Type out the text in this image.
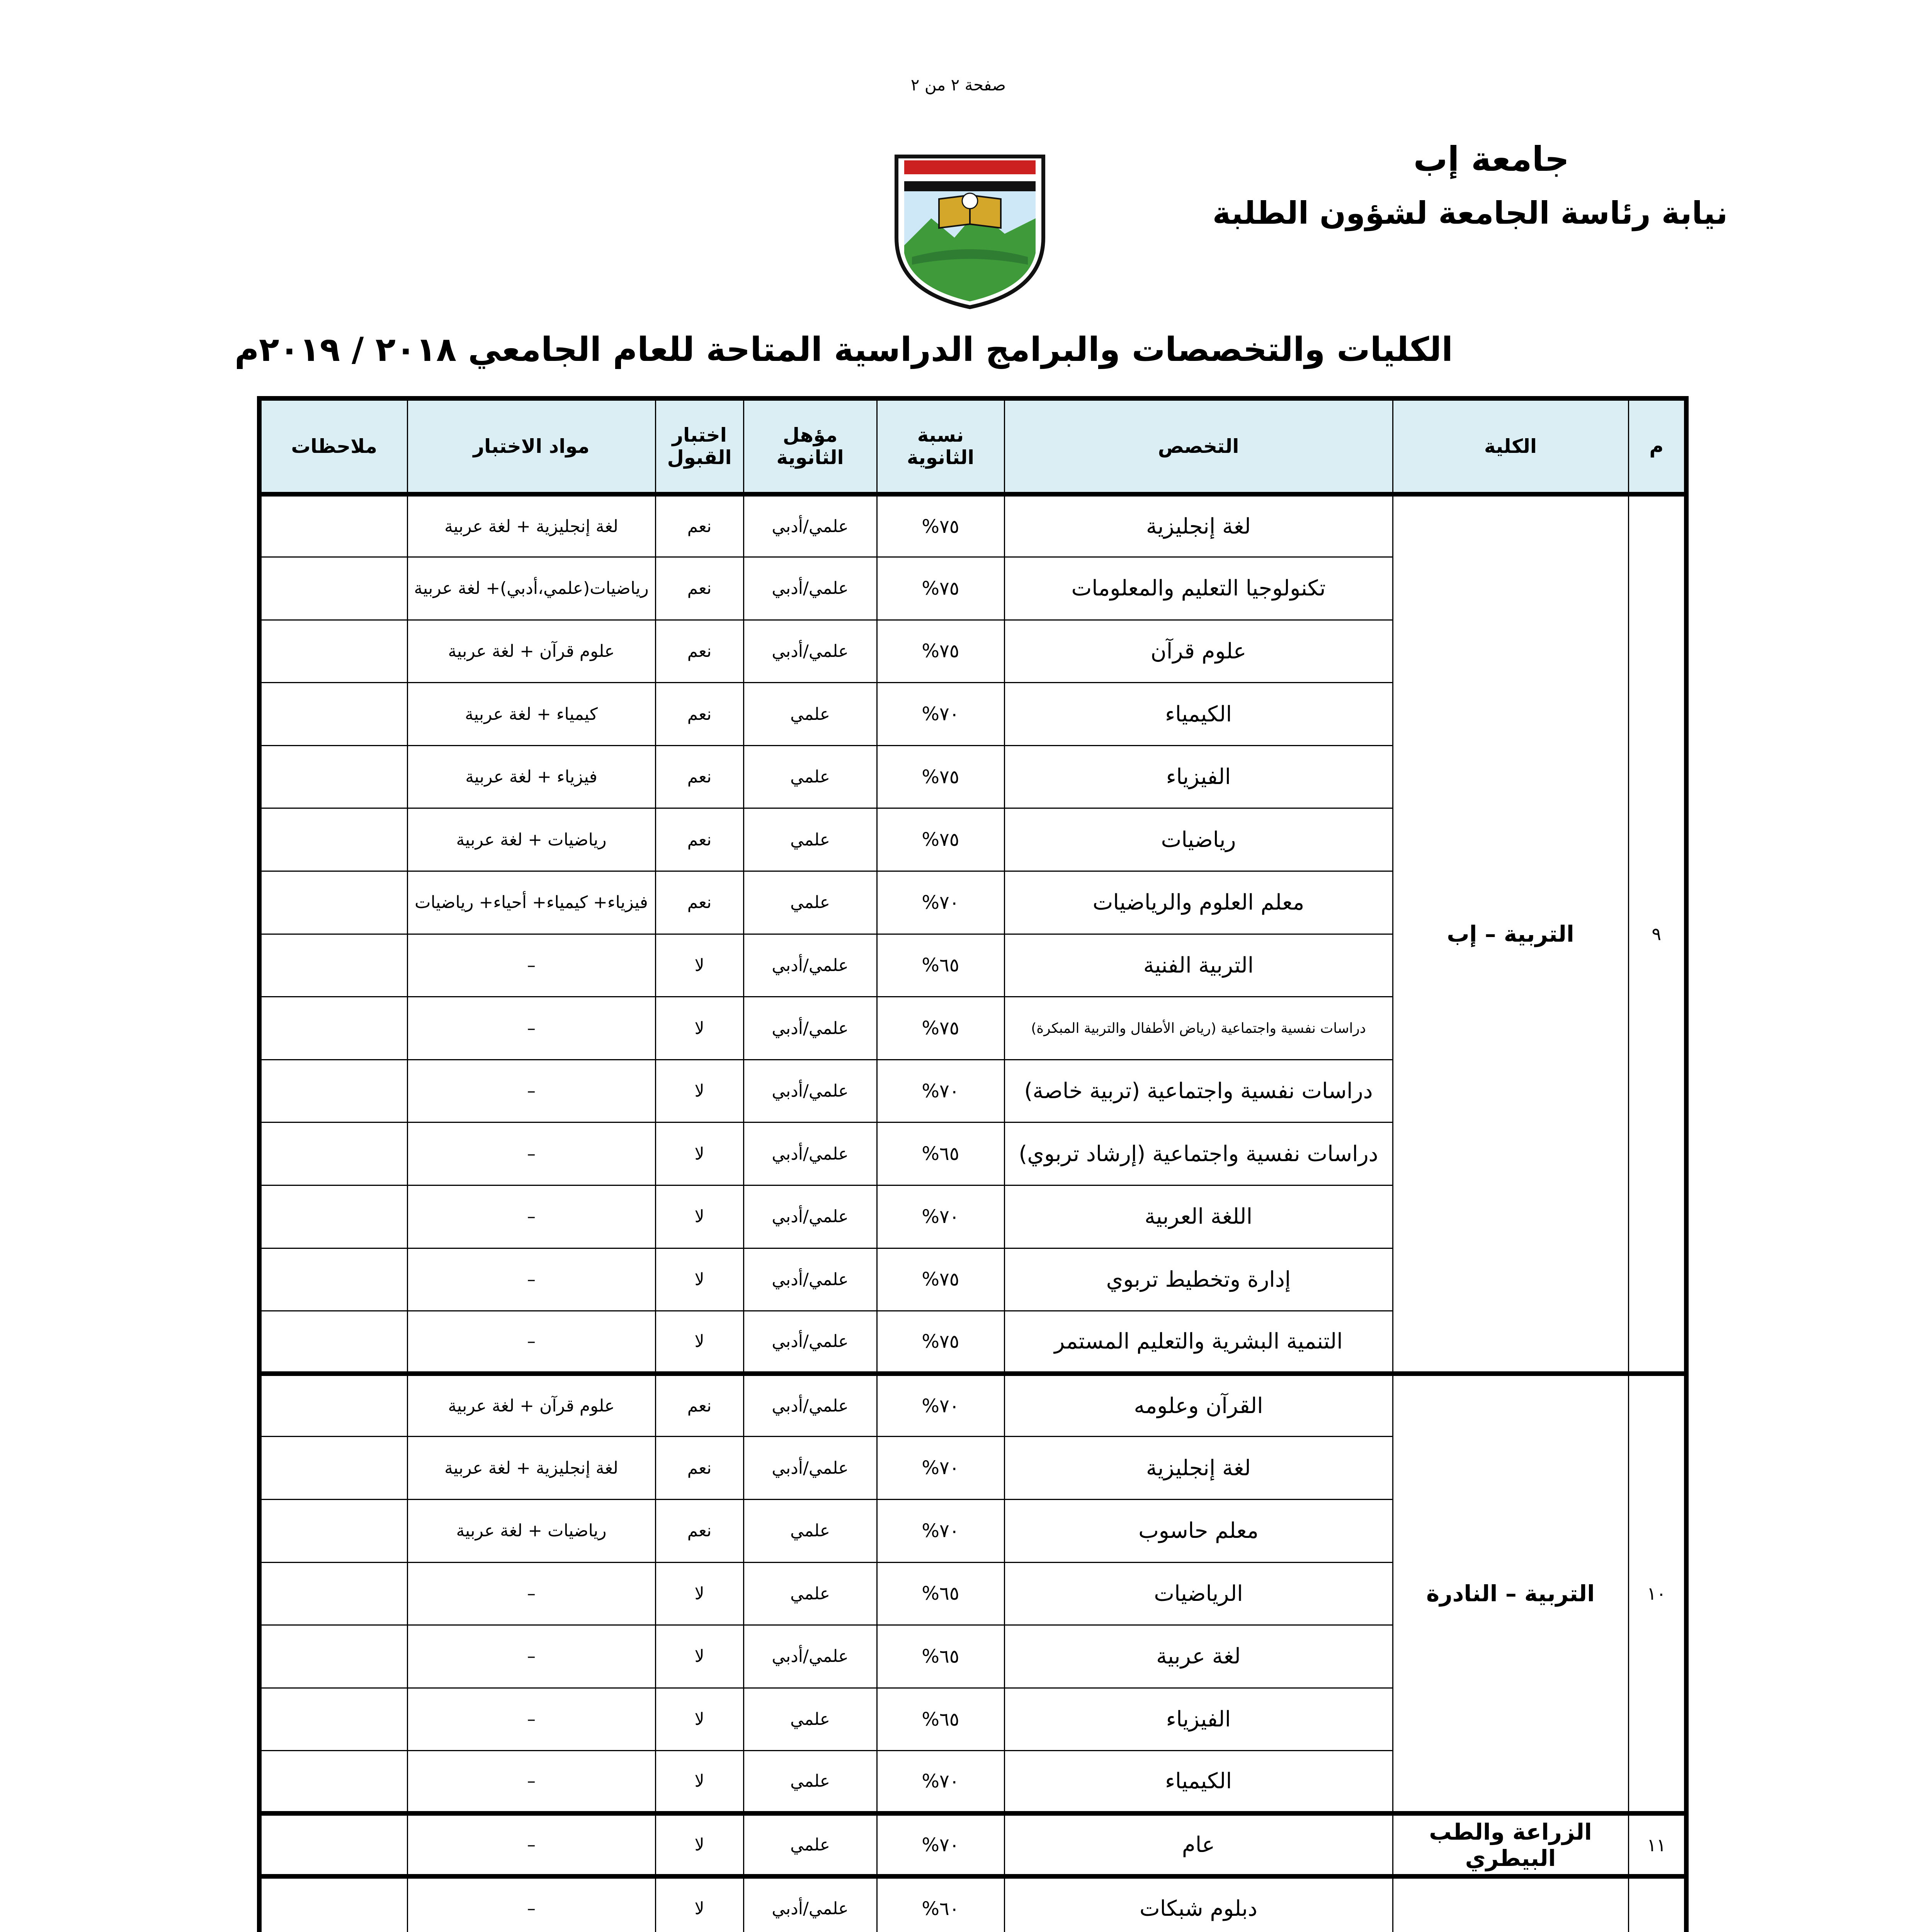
صفحة ٢ من ٢
جامعة إب
نيابة رئاسة الجامعة لشؤون الطلبة
الكليات والتخصصات والبرامج الدراسية المتاحة للعام الجامعي ٢٠١٨ / ٢٠١٩م
م	الكلية	التخصص	نسبة الثانوية	مؤهل الثانوية	اختبار القبول	مواد الاختبار	ملاحظات
٩	التربية – إب	لغة إنجليزية	٧٥%	علمي/أدبي	نعم	لغة إنجليزية + لغة عربية	
		تكنولوجيا التعليم والمعلومات	٧٥%	علمي/أدبي	نعم	رياضيات(علمي،أدبي)+ لغة عربية	
		علوم قرآن	٧٥%	علمي/أدبي	نعم	علوم قرآن + لغة عربية	
		الكيمياء	٧٠%	علمي	نعم	كيمياء + لغة عربية	
		الفيزياء	٧٥%	علمي	نعم	فيزياء + لغة عربية	
		رياضيات	٧٥%	علمي	نعم	رياضيات + لغة عربية	
		معلم العلوم والرياضيات	٧٠%	علمي	نعم	فيزياء+ كيمياء+ أحياء+ رياضيات	
		التربية الفنية	٦٥%	علمي/أدبي	لا	–	
		دراسات نفسية واجتماعية (رياض الأطفال والتربية المبكرة)	٧٥%	علمي/أدبي	لا	–	
		دراسات نفسية واجتماعية (تربية خاصة)	٧٠%	علمي/أدبي	لا	–	
		دراسات نفسية واجتماعية (إرشاد تربوي)	٦٥%	علمي/أدبي	لا	–	
		اللغة العربية	٧٠%	علمي/أدبي	لا	–	
		إدارة وتخطيط تربوي	٧٥%	علمي/أدبي	لا	–	
		التنمية البشرية والتعليم المستمر	٧٥%	علمي/أدبي	لا	–	
١٠	التربية – النادرة	القرآن وعلومه	٧٠%	علمي/أدبي	نعم	علوم قرآن + لغة عربية	
		لغة إنجليزية	٧٠%	علمي/أدبي	نعم	لغة إنجليزية + لغة عربية	
		معلم حاسوب	٧٠%	علمي	نعم	رياضيات + لغة عربية	
		الرياضيات	٦٥%	علمي	لا	–	
		لغة عربية	٦٥%	علمي/أدبي	لا	–	
		الفيزياء	٦٥%	علمي	لا	–	
		الكيمياء	٧٠%	علمي	لا	–	
١١	الزراعة والطب البيطري	عام	٧٠%	علمي	لا	–	
		دبلوم شبكات	٦٠%	علمي/أدبي	لا	–	
